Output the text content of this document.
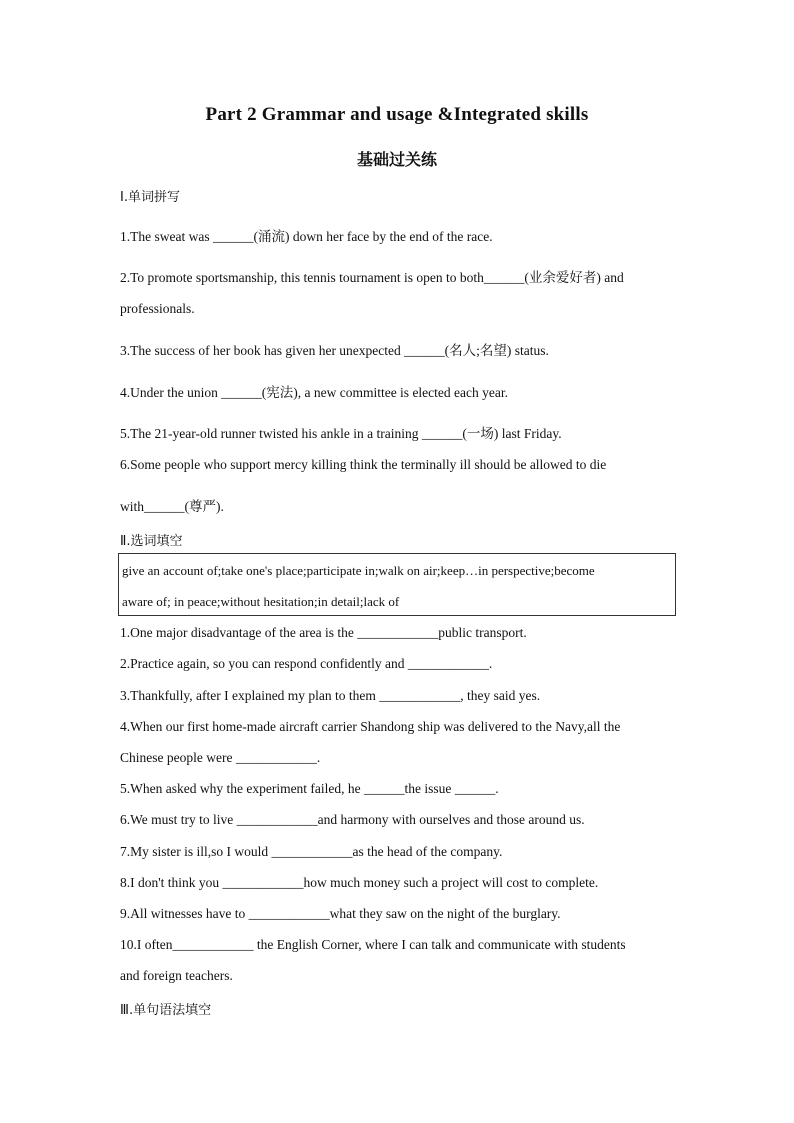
Part 2 Grammar and usage &Integrated skills
基础过关练
Ⅰ.单词拼写
1.The sweat was ______(涌流) down her face by the end of the race.
2.To promote sportsmanship, this tennis tournament is open to both______(业余爱好者) and
professionals.
3.The success of her book has given her unexpected ______(名人;名望) status.
4.Under the union ______(宪法), a new committee is elected each year.
5.The 21-year-old runner twisted his ankle in a training ______(一场) last Friday.
6.Some people who support mercy killing think the terminally ill should be allowed to die
with______(尊严).
Ⅱ.选词填空
give an account of;take one's place;participate in;walk on air;keep…in perspective;become
aware of; in peace;without hesitation;in detail;lack of
1.One major disadvantage of the area is the ____________public transport.
2.Practice again, so you can respond confidently and ____________.
3.Thankfully, after I explained my plan to them ____________, they said yes.
4.When our first home-made aircraft carrier Shandong ship was delivered to the Navy,all the
Chinese people were ____________.
5.When asked why the experiment failed, he ______the issue ______.
6.We must try to live ____________and harmony with ourselves and those around us.
7.My sister is ill,so I would ____________as the head of the company.
8.I don't think you ____________how much money such a project will cost to complete.
9.All witnesses have to ____________what they saw on the night of the burglary.
10.I often____________ the English Corner, where I can talk and communicate with students
and foreign teachers.
Ⅲ.单句语法填空
